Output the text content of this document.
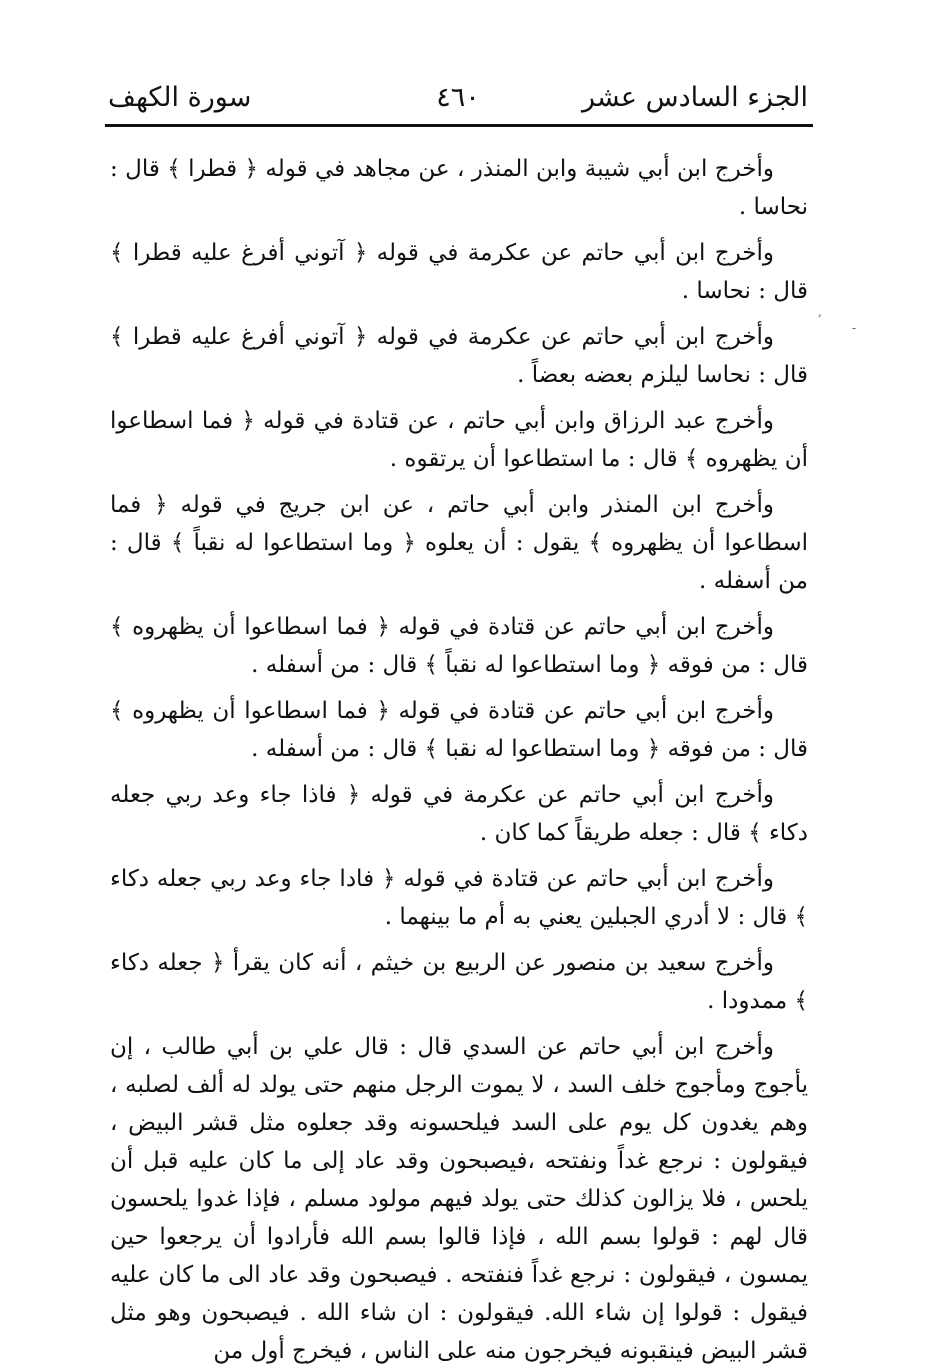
الجزء السادس عشر
٤٦٠
سورة الكهف

وأخرج ابن أبي شيبة وابن المنذر ، عن مجاهد في قوله ﴿ قطرا ﴾ قال : نحاسا .

وأخرج ابن أبي حاتم عن عكرمة في قوله ﴿ آتوني أفرغ عليه قطرا ﴾ قال : نحاسا .

وأخرج ابن أبي حاتم عن عكرمة في قوله ﴿ آتوني أفرغ عليه قطرا ﴾ قال : نحاسا ليلزم بعضه بعضاً .

وأخرج عبد الرزاق وابن أبي حاتم ، عن قتادة في قوله ﴿ فما اسطاعوا أن يظهروه ﴾ قال : ما استطاعوا أن يرتقوه .

وأخرج ابن المنذر وابن أبي حاتم ، عن ابن جريج في قوله ﴿ فما اسطاعوا أن يظهروه ﴾ يقول : أن يعلوه ﴿ وما استطاعوا له نقباً ﴾ قال : من أسفله .

وأخرج ابن أبي حاتم عن قتادة في قوله ﴿ فما اسطاعوا أن يظهروه ﴾ قال : من فوقه ﴿ وما استطاعوا له نقباً ﴾ قال : من أسفله .

وأخرج ابن أبي حاتم عن قتادة في قوله ﴿ فما اسطاعوا أن يظهروه ﴾ قال : من فوقه ﴿ وما استطاعوا له نقبا ﴾ قال : من أسفله .

وأخرج ابن أبي حاتم عن عكرمة في قوله ﴿ فاذا جاء وعد ربي جعله دكاء ﴾ قال : جعله طريقاً كما كان .

وأخرج ابن أبي حاتم عن قتادة في قوله ﴿ فادا جاء وعد ربي جعله دكاء ﴾ قال : لا أدري الجبلين يعني به أم ما بينهما .

وأخرج سعيد بن منصور عن الربيع بن خيثم ، أنه كان يقرأ ﴿ جعله دكاء ﴾ ممدودا .

وأخرج ابن أبي حاتم عن السدي قال : قال علي بن أبي طالب ، إن يأجوج ومأجوج خلف السد ، لا يموت الرجل منهم حتى يولد له ألف لصلبه ، وهم يغدون كل يوم على السد فيلحسونه وقد جعلوه مثل قشر البيض ، فيقولون : نرجع غداً ونفتحه ،فيصبحون وقد عاد إلى ما كان عليه قبل أن يلحس ، فلا يزالون كذلك حتى يولد فيهم مولود مسلم ، فإذا غدوا يلحسون قال لهم : قولوا بسم الله ، فإذا قالوا بسم الله فأرادوا أن يرجعوا حين يمسون ، فيقولون : نرجع غداً فنفتحه . فيصبحون وقد عاد الى ما كان عليه فيقول : قولوا إن شاء الله. فيقولون : ان شاء الله . فيصبحون وهو مثل قشر البيض فينقبونه فيخرجون منه على الناس ، فيخرج أول من

,
-
